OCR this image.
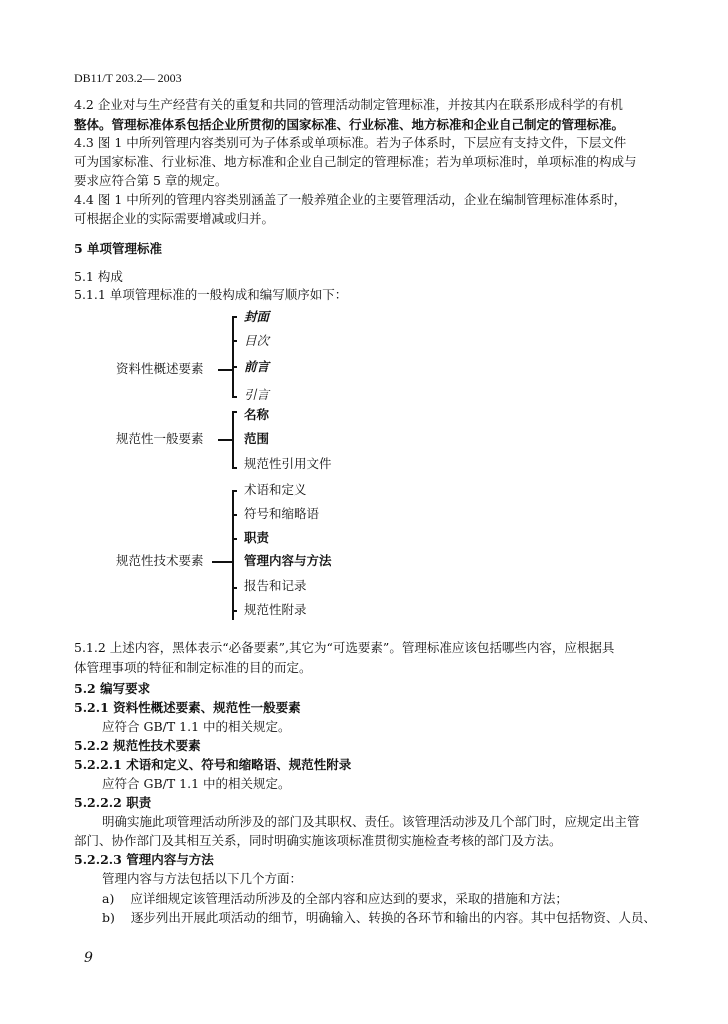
DB11/T 203.2— 2003
4.2 企业对与生产经营有关的重复和共同的管理活动制定管理标准，并按其内在联系形成科学的有机
整体。管理标准体系包括企业所贯彻的国家标准、行业标准、地方标准和企业自己制定的管理标准。
4.3 图 1 中所列管理内容类别可为子体系或单项标准。若为子体系时，下层应有支持文件，下层文件
可为国家标准、行业标准、地方标准和企业自己制定的管理标准；若为单项标准时，单项标准的构成与
要求应符合第 5 章的规定。
4.4 图 1 中所列的管理内容类别涵盖了一般养殖企业的主要管理活动，企业在编制管理标准体系时，
可根据企业的实际需要增减或归并。
5 单项管理标准
5.1 构成
5.1.1 单项管理标准的一般构成和编写顺序如下：
资料性概述要素
封面
目次
前言
引言
规范性一般要素
名称
范围
规范性引用文件
规范性技术要素
术语和定义
符号和缩略语
职责
管理内容与方法
报告和记录
规范性附录
5.1.2 上述内容，黑体表示“必备要素”,其它为“可选要素”。管理标准应该包括哪些内容，应根据具
体管理事项的特征和制定标准的目的而定。
5.2 编写要求
5.2.1 资料性概述要素、规范性一般要素
应符合 GB/T 1.1 中的相关规定。
5.2.2 规范性技术要素
5.2.2.1 术语和定义、符号和缩略语、规范性附录
应符合 GB/T 1.1 中的相关规定。
5.2.2.2 职责
明确实施此项管理活动所涉及的部门及其职权、责任。该管理活动涉及几个部门时，应规定出主管
部门、协作部门及其相互关系，同时明确实施该项标准贯彻实施检查考核的部门及方法。
5.2.2.3 管理内容与方法
管理内容与方法包括以下几个方面：
a) 应详细规定该管理活动所涉及的全部内容和应达到的要求，采取的措施和方法；
b) 逐步列出开展此项活动的细节，明确输入、转换的各环节和输出的内容。其中包括物资、人员、
9
